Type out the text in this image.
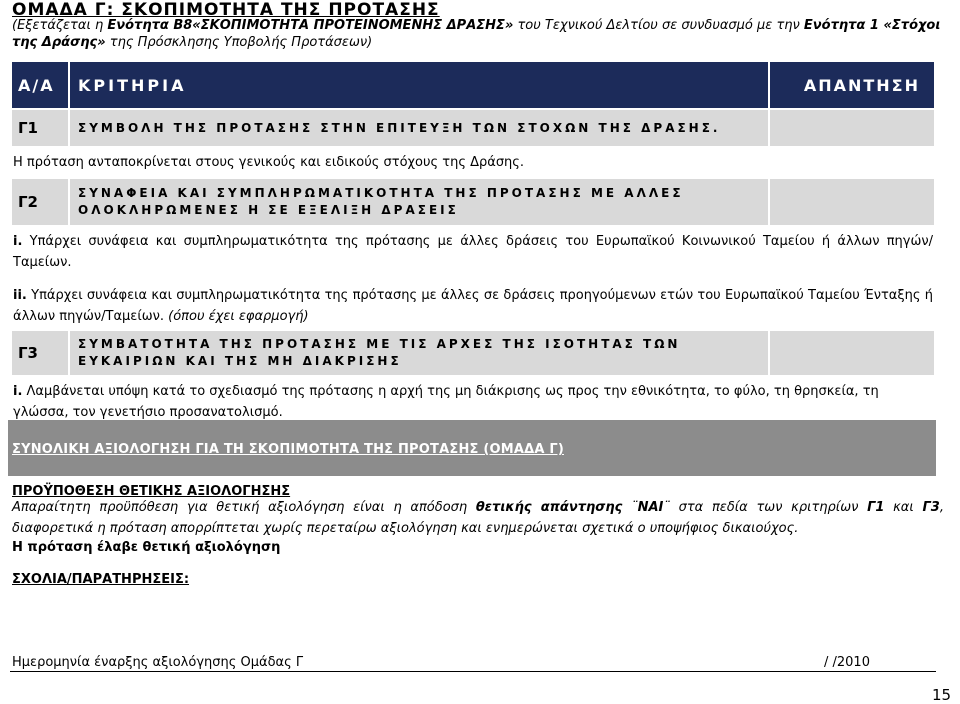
ΟΜΑΔΑ Γ: ΣΚΟΠΙΜΟΤΗΤΑ ΤΗΣ ΠΡΟΤΑΣΗΣ
(Εξετάζεται η Ενότητα Β8«ΣΚΟΠΙΜΟΤΗΤΑ ΠΡΟΤΕΙΝΟΜΕΝΗΣ ΔΡΑΣΗΣ» του Τεχνικού Δελτίου σε συνδυασμό με την Ενότητα 1 «Στόχοι της Δράσης» της Πρόσκλησης Υποβολής Προτάσεων)
Α/Α	ΚΡΙΤΗΡΙΑ	ΑΠΑΝΤΗΣΗ
Γ1	ΣΥΜΒΟΛΗ ΤΗΣ ΠΡΟΤΑΣΗΣ ΣΤΗΝ ΕΠΙΤΕΥΞΗ ΤΩΝ ΣΤΟΧΩΝ ΤΗΣ ΔΡΑΣΗΣ.	
Η πρόταση ανταποκρίνεται στους γενικούς και ειδικούς στόχους της Δράσης.		
Γ2	ΣΥΝΑΦΕΙΑ ΚΑΙ ΣΥΜΠΛΗΡΩΜΑΤΙΚΟΤΗΤΑ ΤΗΣ ΠΡΟΤΑΣΗΣ ΜΕ ΑΛΛΕΣ ΟΛΟΚΛΗΡΩΜΕΝΕΣ Η ΣΕ ΕΞΕΛΙΞΗ ΔΡΑΣΕΙΣ	
i. Υπάρχει συνάφεια και συμπληρωματικότητα της πρότασης με άλλες δράσεις του Ευρωπαϊκού Κοινωνικού Ταμείου ή άλλων πηγών/Ταμείων.		
ii. Υπάρχει συνάφεια και συμπληρωματικότητα της πρότασης με άλλες σε δράσεις προηγούμενων ετών του Ευρωπαϊκού Ταμείου Ένταξης ή άλλων πηγών/Ταμείων. (όπου έχει εφαρμογή)		
Γ3	ΣΥΜΒΑΤΟΤΗΤΑ ΤΗΣ ΠΡΟΤΑΣΗΣ ΜΕ ΤΙΣ ΑΡΧΕΣ ΤΗΣ ΙΣΟΤΗΤΑΣ ΤΩΝ ΕΥΚΑΙΡΙΩΝ ΚΑΙ ΤΗΣ ΜΗ ΔΙΑΚΡΙΣΗΣ	
i. Λαμβάνεται υπόψη κατά το σχεδιασμό της πρότασης η αρχή της μη διάκρισης ως προς την εθνικότητα, το φύλο, τη θρησκεία, τη γλώσσα, τον γενετήσιο προσανατολισμό.		
ΣΥΝΟΛΙΚΗ ΑΞΙΟΛΟΓΗΣΗ ΓΙΑ ΤΗ ΣΚΟΠΙΜΟΤΗΤΑ ΤΗΣ ΠΡΟΤΑΣΗΣ (ΟΜΑΔΑ Γ)
ΠΡΟΫΠΟΘΕΣΗ ΘΕΤΙΚΗΣ ΑΞΙΟΛΟΓΗΣΗΣ
Απαραίτητη προϋπόθεση για θετική αξιολόγηση είναι η απόδοση θετικής απάντησης ¨ΝΑΙ¨ στα πεδία των κριτηρίων Γ1 και Γ3, διαφορετικά η πρόταση απορρίπτεται χωρίς περεταίρω αξιολόγηση και ενημερώνεται σχετικά ο υποψήφιος δικαιούχος.
Η πρόταση έλαβε θετική αξιολόγηση
ΣΧΟΛΙΑ/ΠΑΡΑΤΗΡΗΣΕΙΣ:
Ημερομηνία έναρξης αξιολόγησης Ομάδας Γ	/ /2010
15
